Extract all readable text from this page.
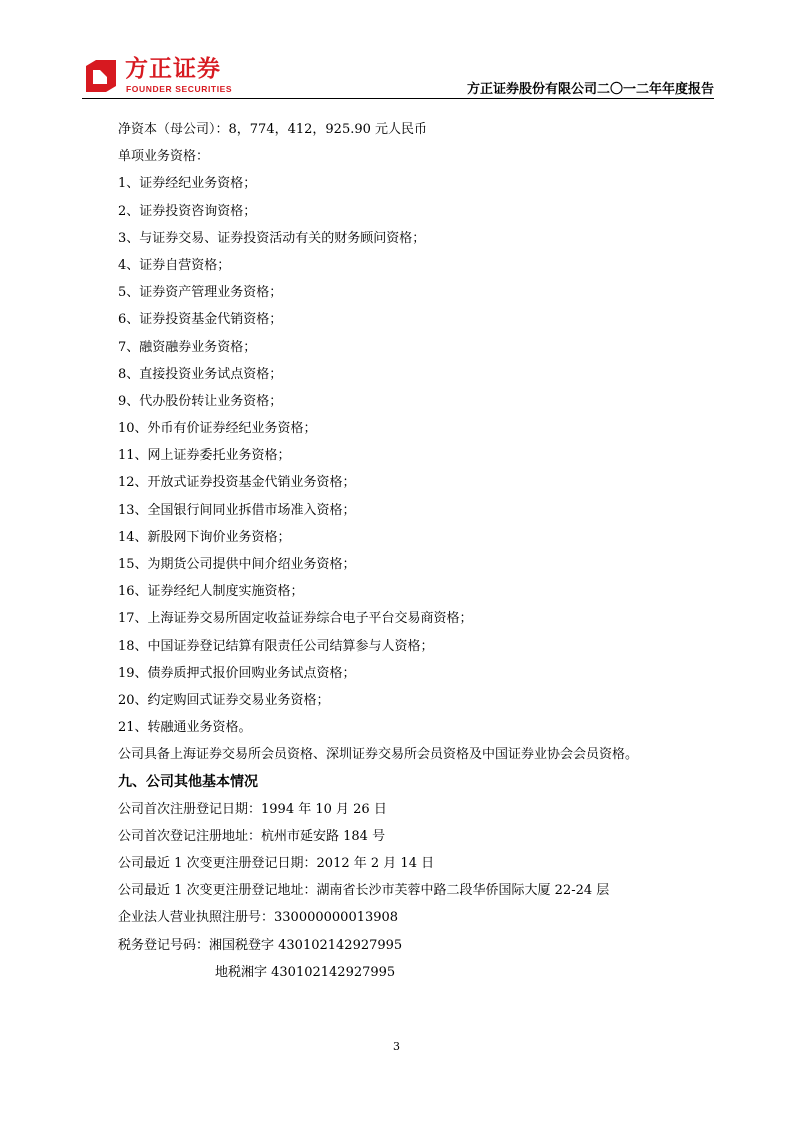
方正证券
FOUNDER SECURITIES	方正证券股份有限公司二〇一二年年度报告
净资本（母公司）：8，774，412，925.90 元人民币
单项业务资格：
1、证券经纪业务资格；
2、证券投资咨询资格；
3、与证券交易、证券投资活动有关的财务顾问资格；
4、证券自营资格；
5、证券资产管理业务资格；
6、证券投资基金代销资格；
7、融资融券业务资格；
8、直接投资业务试点资格；
9、代办股份转让业务资格；
10、外币有价证券经纪业务资格；
11、网上证券委托业务资格；
12、开放式证券投资基金代销业务资格；
13、全国银行间同业拆借市场准入资格；
14、新股网下询价业务资格；
15、为期货公司提供中间介绍业务资格；
16、证券经纪人制度实施资格；
17、上海证券交易所固定收益证券综合电子平台交易商资格；
18、中国证券登记结算有限责任公司结算参与人资格；
19、债券质押式报价回购业务试点资格；
20、约定购回式证券交易业务资格；
21、转融通业务资格。
公司具备上海证券交易所会员资格、深圳证券交易所会员资格及中国证券业协会会员资格。
九、公司其他基本情况
公司首次注册登记日期：1994 年 10 月 26 日
公司首次登记注册地址：杭州市延安路 184 号
公司最近 1 次变更注册登记日期：2012 年 2 月 14 日
公司最近 1 次变更注册登记地址：湖南省长沙市芙蓉中路二段华侨国际大厦 22-24 层
企业法人营业执照注册号：330000000013908
税务登记号码：湘国税登字 430102142927995
地税湘字 430102142927995
3
